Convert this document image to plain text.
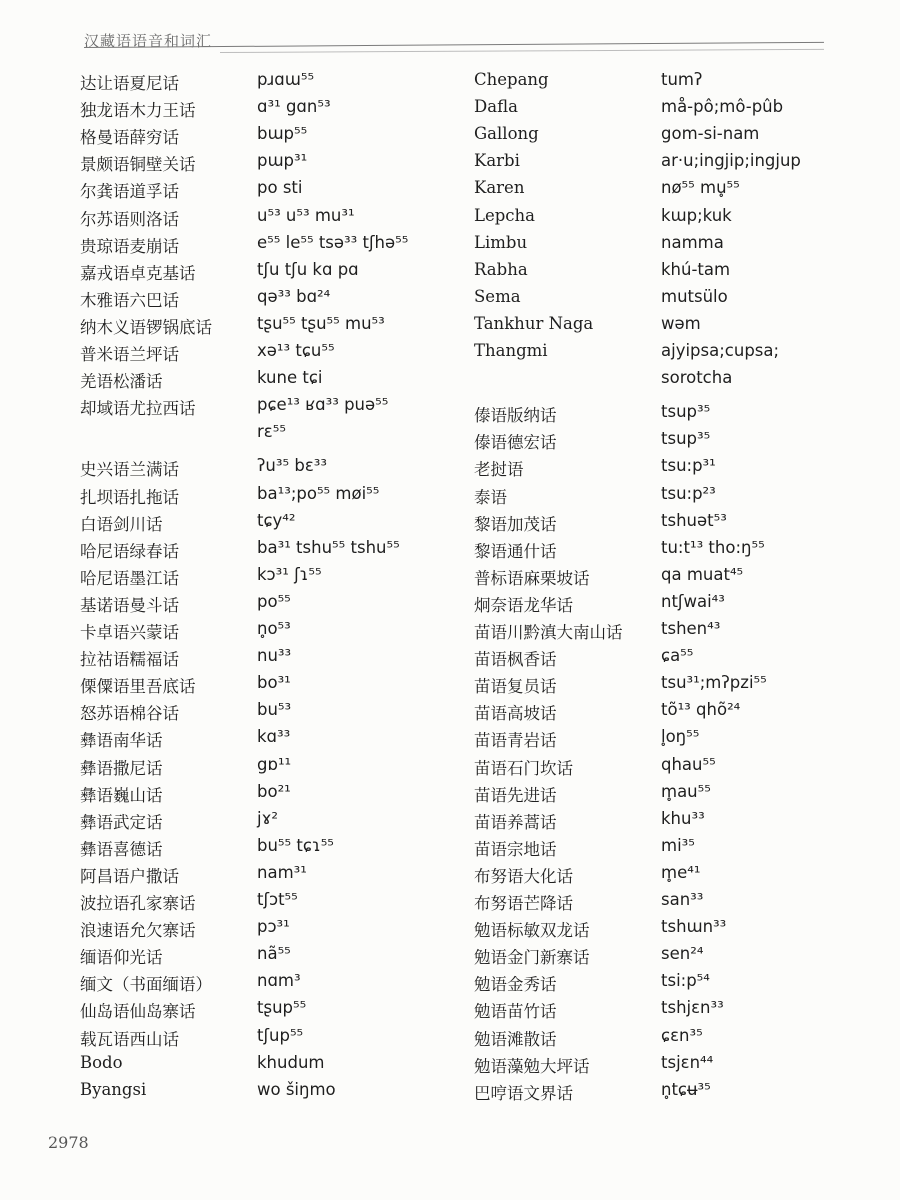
汉藏语语音和词汇
达让语夏尼话
独龙语木力王话
格曼语薛穷话
景颇语铜壁关话
尔龚语道孚话
尔苏语则洛话
贵琼语麦崩话
嘉戎语卓克基话
木雅语六巴话
纳木义语锣锅底话
普米语兰坪话
羌语松潘话
却域语尤拉西话
史兴语兰满话
扎坝语扎拖话
白语剑川话
哈尼语绿春话
哈尼语墨江话
基诺语曼斗话
卡卓语兴蒙话
拉祜语糯福话
傈僳语里吾底话
怒苏语棉谷话
彝语南华话
彝语撒尼话
彝语巍山话
彝语武定话
彝语喜德话
阿昌语户撒话
波拉语孔家寨话
浪速语允欠寨话
缅语仰光话
缅文（书面缅语）
仙岛语仙岛寨话
载瓦语西山话
Bodo
Byangsi
pɹɑɯ⁵⁵
ɑ³¹ gɑn⁵³
bɯp⁵⁵
pɯp³¹
po sti
u⁵³ u⁵³ mu³¹
e⁵⁵ le⁵⁵ tsə³³ tʃhə⁵⁵
tʃu tʃu kɑ pɑ
qə³³ bɑ²⁴
tʂu⁵⁵ tʂu⁵⁵ mu⁵³
xə¹³ tɕu⁵⁵
kune tɕi
pɕe¹³ ʁɑ³³ puə⁵⁵
rɛ⁵⁵
ʔu³⁵ bɛ³³
ba¹³;po⁵⁵ møi⁵⁵
tɕy⁴²
ba³¹ tshu⁵⁵ tshu⁵⁵
kɔ³¹ ʃɿ⁵⁵
po⁵⁵
n̥o⁵³
nu³³
bo³¹
bu⁵³
kɑ³³
gɒ¹¹
bo²¹
jɤ²
bu⁵⁵ tɕɿ⁵⁵
nam³¹
tʃɔt⁵⁵
pɔ³¹
nã⁵⁵
nɑm³
tʂup⁵⁵
tʃup⁵⁵
khudum
wo šiŋmo
Chepang
Dafla
Gallong
Karbi
Karen
Lepcha
Limbu
Rabha
Sema
Tankhur Naga
Thangmi
傣语版纳话
傣语德宏话
老挝语
泰语
黎语加茂话
黎语通什话
普标语麻栗坡话
炯奈语龙华话
苗语川黔滇大南山话
苗语枫香话
苗语复员话
苗语高坡话
苗语青岩话
苗语石门坎话
苗语先进话
苗语养蒿话
苗语宗地话
布努语大化话
布努语芒降话
勉语标敏双龙话
勉语金门新寨话
勉语金秀话
勉语苗竹话
勉语滩散话
勉语藻勉大坪话
巴哼语文界话
tumʔ
må-pô;mô-pûb
gom-si-nam
ar·u;ingjip;ingjup
nø⁵⁵ mu̥⁵⁵
kɯp;kuk
namma
khú-tam
mutsülo
wəm
ajyipsa;cupsa;
sorotcha
tsup³⁵
tsup³⁵
tsu:p³¹
tsu:p²³
tshuət⁵³
tu:t¹³ tho:ŋ⁵⁵
qa muat⁴⁵
ntʃwai⁴³
tshen⁴³
ɕa⁵⁵
tsu³¹;mʔpzi⁵⁵
tõ¹³ qhõ²⁴
l̥oŋ⁵⁵
qhau⁵⁵
m̥au⁵⁵
khu³³
mi³⁵
m̥e⁴¹
san³³
tshɯn³³
sen²⁴
tsi:p⁵⁴
tshjɛn³³
ɕɛn³⁵
tsjɛn⁴⁴
n̥tɕʉ³⁵
2978
